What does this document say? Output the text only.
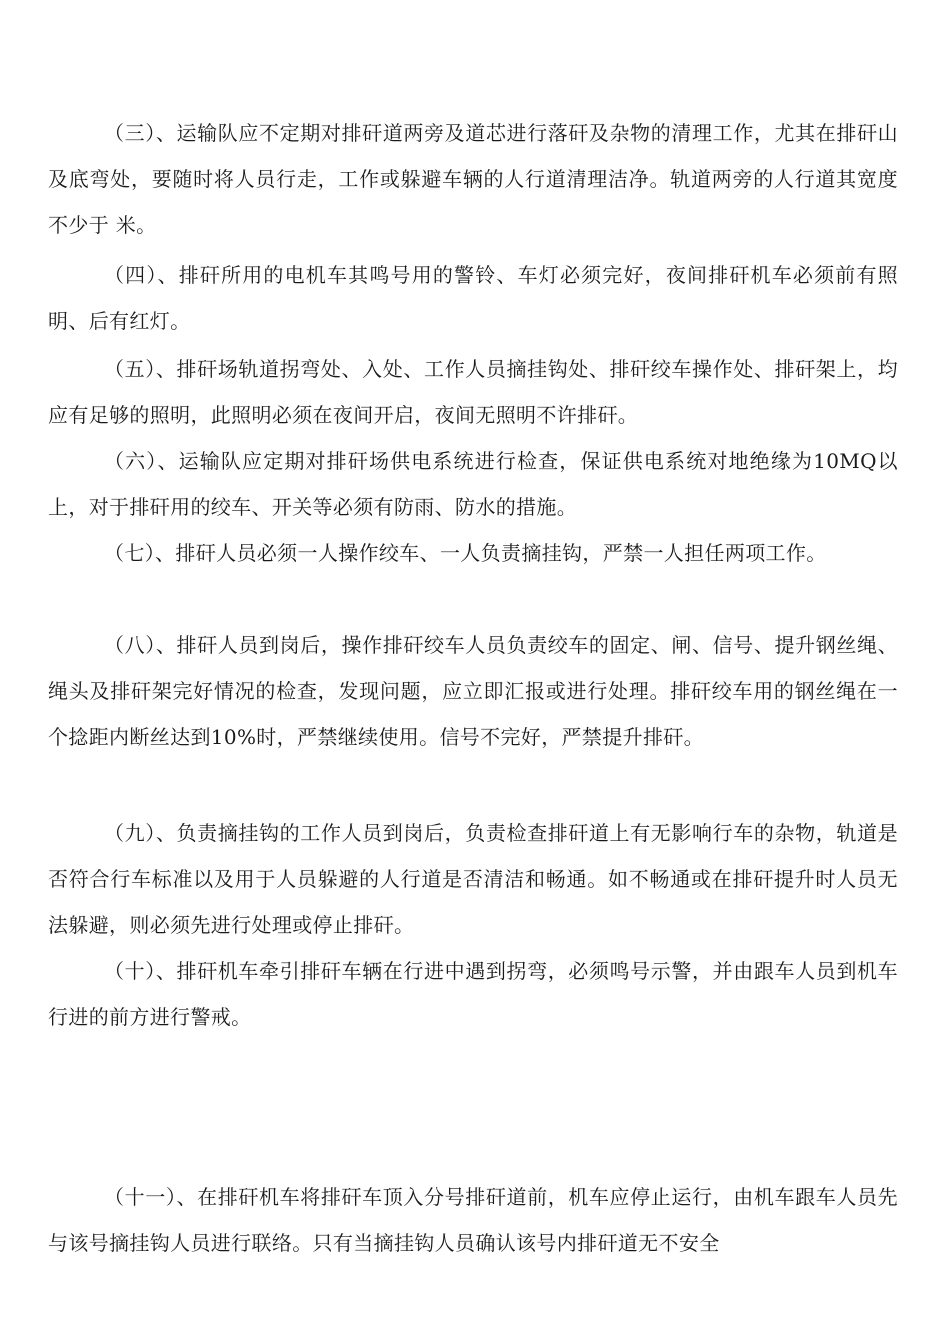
（三）、运输队应不定期对排矸道两旁及道芯进行落矸及杂物的清理工作，尤其在排矸山及底弯处，要随时将人员行走，工作或躲避车辆的人行道清理洁净。轨道两旁的人行道其宽度不少于 米。

（四）、排矸所用的电机车其鸣号用的警铃、车灯必须完好，夜间排矸机车必须前有照明、后有红灯。

（五）、排矸场轨道拐弯处、入处、工作人员摘挂钩处、排矸绞车操作处、排矸架上，均应有足够的照明，此照明必须在夜间开启，夜间无照明不许排矸。

（六）、运输队应定期对排矸场供电系统进行检查，保证供电系统对地绝缘为10MQ以上，对于排矸用的绞车、开关等必须有防雨、防水的措施。

（七）、排矸人员必须一人操作绞车、一人负责摘挂钩，严禁一人担任两项工作。

（八）、排矸人员到岗后，操作排矸绞车人员负责绞车的固定、闸、信号、提升钢丝绳、绳头及排矸架完好情况的检查，发现问题，应立即汇报或进行处理。排矸绞车用的钢丝绳在一个捻距内断丝达到10%时，严禁继续使用。信号不完好，严禁提升排矸。

（九）、负责摘挂钩的工作人员到岗后，负责检查排矸道上有无影响行车的杂物，轨道是否符合行车标准以及用于人员躲避的人行道是否清洁和畅通。如不畅通或在排矸提升时人员无法躲避，则必须先进行处理或停止排矸。

（十）、排矸机车牵引排矸车辆在行进中遇到拐弯，必须鸣号示警，并由跟车人员到机车行进的前方进行警戒。

（十一）、在排矸机车将排矸车顶入分号排矸道前，机车应停止运行，由机车跟车人员先与该号摘挂钩人员进行联络。只有当摘挂钩人员确认该号内排矸道无不安全
